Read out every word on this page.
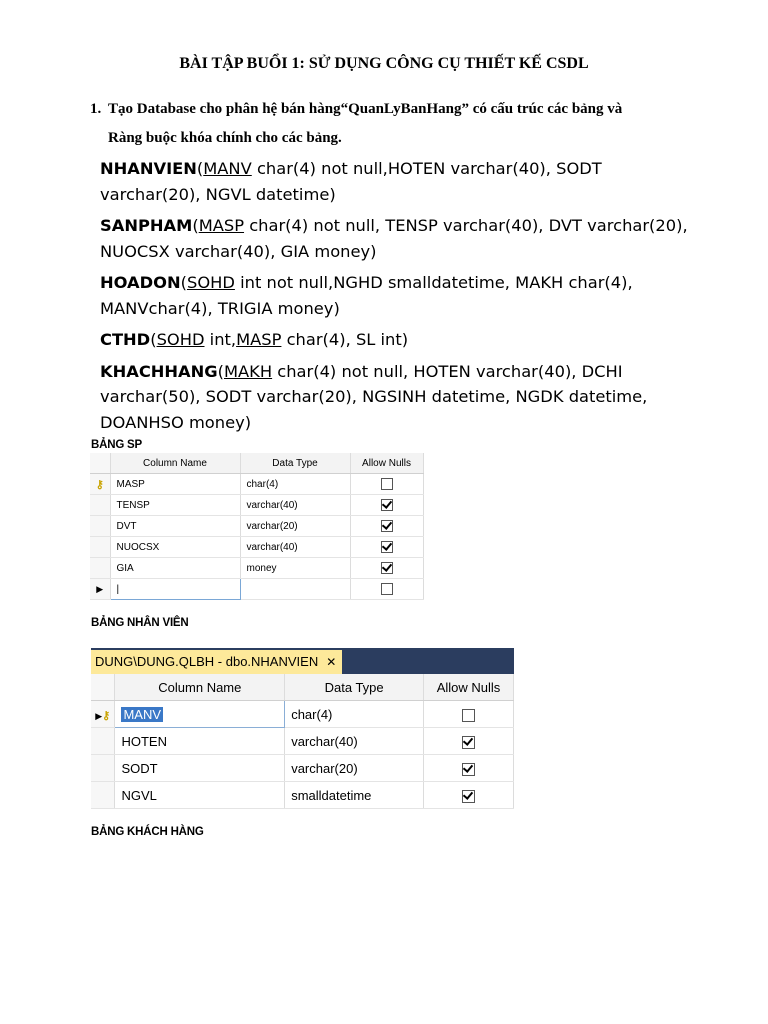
BÀI TẬP BUỔI 1: SỬ DỤNG CÔNG CỤ THIẾT KẾ CSDL
1. Tạo Database cho phân hệ bán hàng“QuanLyBanHang” có cấu trúc các bảng và
Ràng buộc khóa chính cho các bảng.
NHANVIEN(MANV char(4) not null,HOTEN varchar(40), SODT varchar(20), NGVL datetime)
SANPHAM(MASP char(4) not null, TENSP varchar(40), DVT varchar(20), NUOCSX varchar(40), GIA money)
HOADON(SOHD int not null,NGHD smalldatetime, MAKH char(4), MANVchar(4), TRIGIA money)
CTHD(SOHD int,MASP char(4), SL int)
KHACHHANG(MAKH char(4) not null, HOTEN varchar(40), DCHI varchar(50), SODT varchar(20), NGSINH datetime, NGDK datetime, DOANHSO money)
BẢNG SP
	Column Name	Data Type	Allow Nulls
⚷	MASP	char(4)	
	TENSP	varchar(40)	
	DVT	varchar(20)	
	NUOCSX	varchar(40)	
	GIA	money	
▶	|		
BẢNG NHÂN VIÊN
DUNG\DUNG.QLBH - dbo.NHANVIEN ✕
	Column Name	Data Type	Allow Nulls
▶⚷	MANV	char(4)	
	HOTEN	varchar(40)	
	SODT	varchar(20)	
	NGVL	smalldatetime	
BẢNG KHÁCH HÀNG
